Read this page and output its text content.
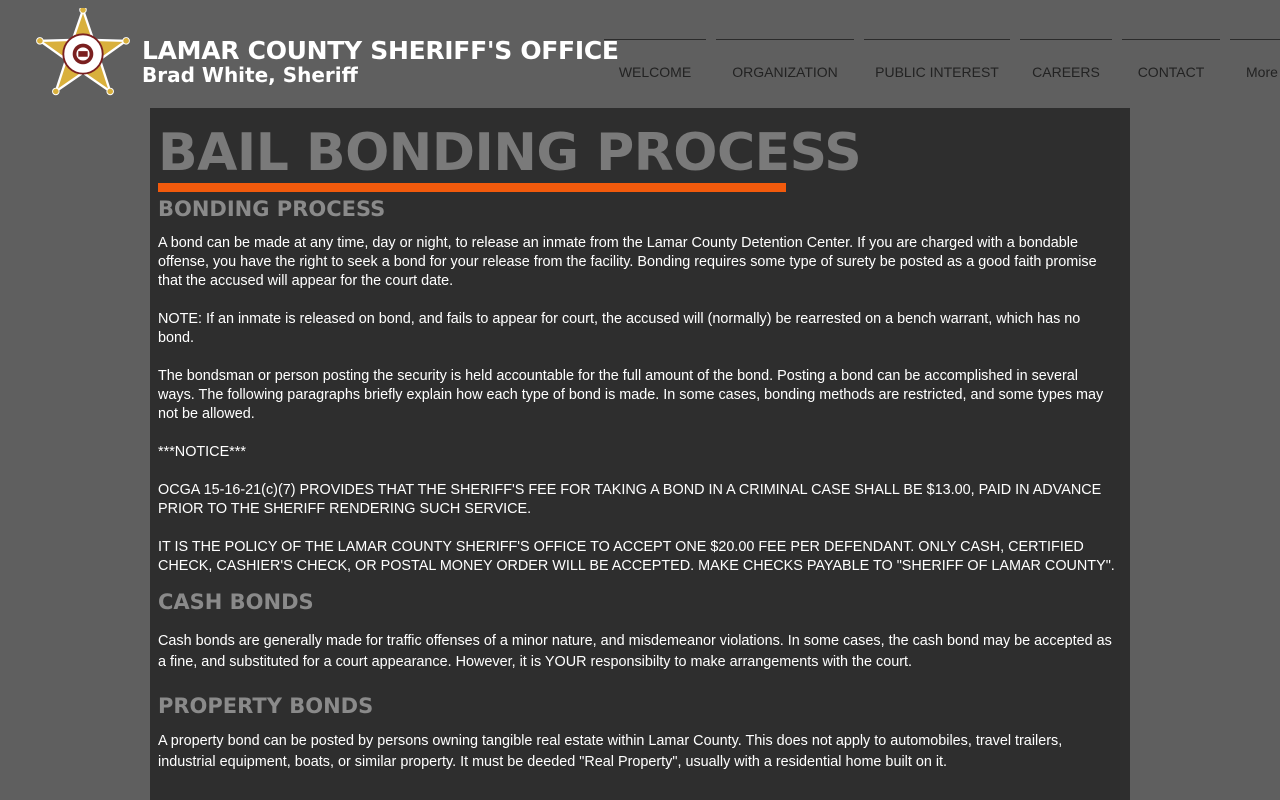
LAMAR COUNTY SHERIFF'S OFFICE
Brad White, Sheriff	WELCOME	ORGANIZATION	PUBLIC INTEREST	CAREERS	CONTACT	More
BAIL BONDING PROCESS
BONDING PROCESS

A bond can be made at any time, day or night, to release an inmate from the Lamar County Detention Center. If you are charged with a bondable offense, you have the right to seek a bond for your release from the facility. Bonding requires some type of surety be posted as a good faith promise that the accused will appear for the court date.

NOTE: If an inmate is released on bond, and fails to appear for court, the accused will (normally) be rearrested on a bench warrant, which has no bond.

The bondsman or person posting the security is held accountable for the full amount of the bond. Posting a bond can be accomplished in several ways. The following paragraphs briefly explain how each type of bond is made. In some cases, bonding methods are restricted, and some types may not be allowed.

***NOTICE***

OCGA 15-16-21(c)(7) PROVIDES THAT THE SHERIFF'S FEE FOR TAKING A BOND IN A CRIMINAL CASE SHALL BE $13.00, PAID IN ADVANCE PRIOR TO THE SHERIFF RENDERING SUCH SERVICE.

IT IS THE POLICY OF THE LAMAR COUNTY SHERIFF'S OFFICE TO ACCEPT ONE $20.00 FEE PER DEFENDANT. ONLY CASH, CERTIFIED CHECK, CASHIER'S CHECK, OR POSTAL MONEY ORDER WILL BE ACCEPTED. MAKE CHECKS PAYABLE TO "SHERIFF OF LAMAR COUNTY".

CASH BONDS

Cash bonds are generally made for traffic offenses of a minor nature, and misdemeanor violations. In some cases, the cash bond may be accepted as a fine, and substituted for a court appearance. However, it is YOUR responsibilty to make arrangements with the court.

PROPERTY BONDS

A property bond can be posted by persons owning tangible real estate within Lamar County. This does not apply to automobiles, travel trailers, industrial equipment, boats, or similar property. It must be deeded "Real Property", usually with a residential home built on it.
